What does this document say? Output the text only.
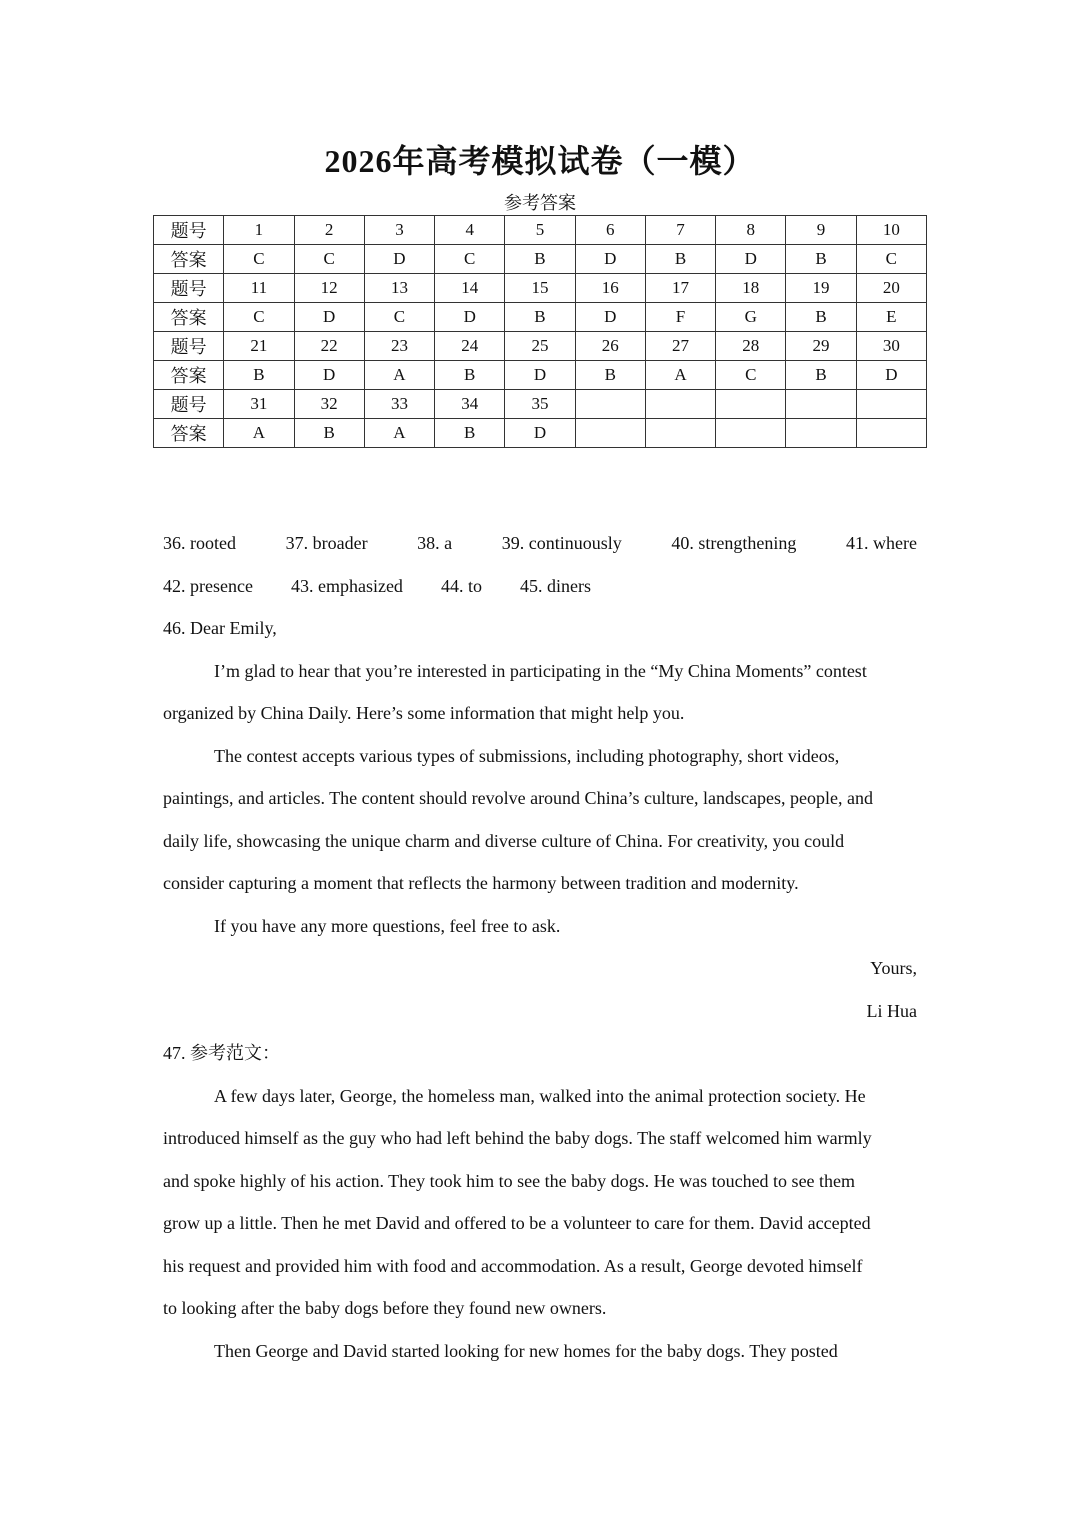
2026年高考模拟试卷（一模）
参考答案
题号	1	2	3	4	5	6	7	8	9	10
答案	C	C	D	C	B	D	B	D	B	C
题号	11	12	13	14	15	16	17	18	19	20
答案	C	D	C	D	B	D	F	G	B	E
题号	21	22	23	24	25	26	27	28	29	30
答案	B	D	A	B	D	B	A	C	B	D
题号	31	32	33	34	35					
答案	A	B	A	B	D					
36. rooted	37. broader	38. a	39. continuously	40. strengthening	41. where
42. presence 43. emphasized 44. to 45. diners
46. Dear Emily,
I’m glad to hear that you’re interested in participating in the “My China Moments” contest
organized by China Daily. Here’s some information that might help you.
The contest accepts various types of submissions, including photography, short videos,
paintings, and articles. The content should revolve around China’s culture, landscapes, people, and
daily life, showcasing the unique charm and diverse culture of China. For creativity, you could
consider capturing a moment that reflects the harmony between tradition and modernity.
If you have any more questions, feel free to ask.
Yours,
Li Hua
47. 参考范文：
A few days later, George, the homeless man, walked into the animal protection society. He
introduced himself as the guy who had left behind the baby dogs. The staff welcomed him warmly
and spoke highly of his action. They took him to see the baby dogs. He was touched to see them
grow up a little. Then he met David and offered to be a volunteer to care for them. David accepted
his request and provided him with food and accommodation. As a result, George devoted himself
to looking after the baby dogs before they found new owners.
Then George and David started looking for new homes for the baby dogs. They posted
